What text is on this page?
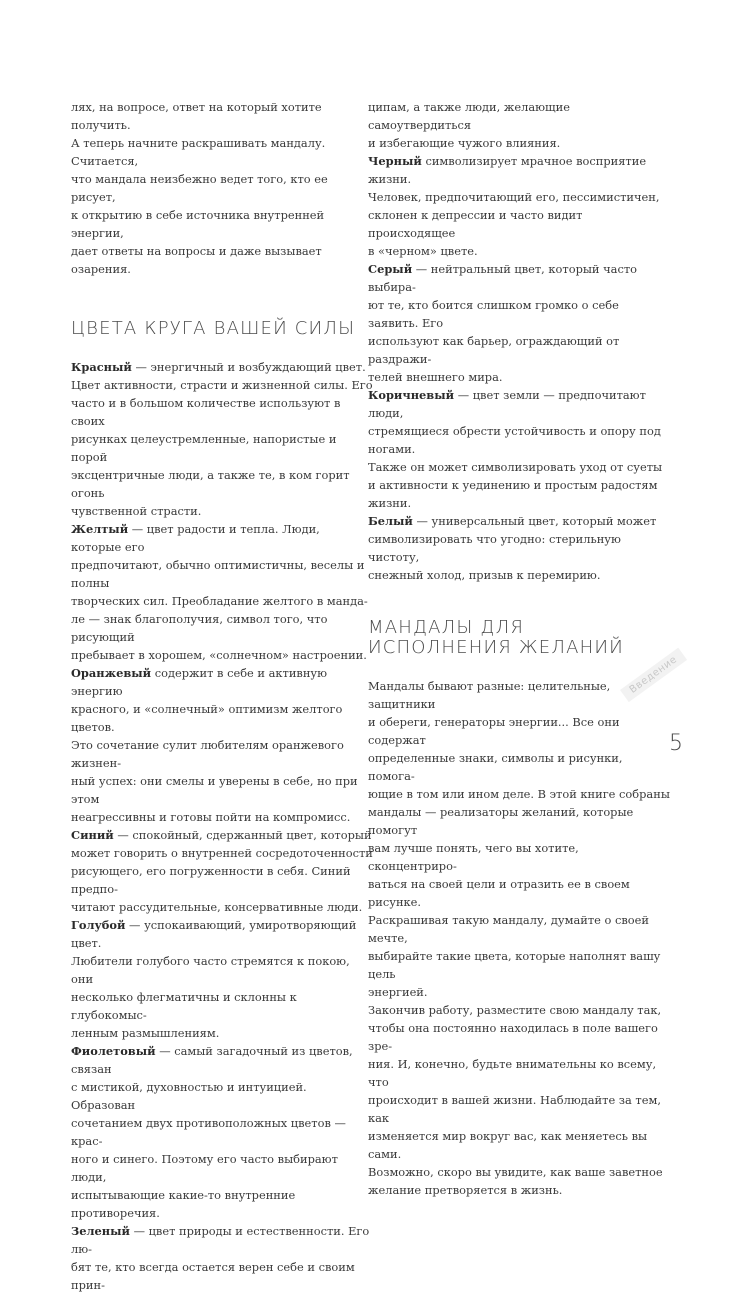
лях, на вопросе, ответ на который хотите получить.
А теперь начните раскрашивать мандалу. Считается,
что мандала неизбежно ведет того, кто ее рисует,
к открытию в себе источника внутренней энергии,
дает ответы на вопросы и даже вызывает озарения.

ЦВЕТА КРУГА ВАШЕЙ СИЛЫ

Красный — энергичный и возбуждающий цвет.
Цвет активности, страсти и жизненной силы. Его
часто и в большом количестве используют в своих
рисунках целеустремленные, напористые и порой
эксцентричные люди, а также те, в ком горит огонь
чувственной страсти.

Желтый — цвет радости и тепла. Люди, которые его
предпочитают, обычно оптимистичны, веселы и полны
творческих сил. Преобладание желтого в манда-
ле — знак благополучия, символ того, что рисующий
пребывает в хорошем, «солнечном» настроении.

Оранжевый содержит в себе и активную энергию
красного, и «солнечный» оптимизм желтого цветов.
Это сочетание сулит любителям оранжевого жизнен-
ный успех: они смелы и уверены в себе, но при этом
неагрессивны и готовы пойти на компромисс.

Синий — спокойный, сдержанный цвет, который
может говорить о внутренней сосредоточенности
рисующего, его погруженности в себя. Синий предпо-
читают рассудительные, консервативные люди.

Голубой — успокаивающий, умиротворяющий цвет.
Любители голубого часто стремятся к покою, они
несколько флегматичны и склонны к глубокомыс-
ленным размышлениям.

Фиолетовый — самый загадочный из цветов, связан
с мистикой, духовностью и интуицией. Образован
сочетанием двух противоположных цветов — крас-
ного и синего. Поэтому его часто выбирают люди,
испытывающие какие-то внутренние противоречия.

Зеленый — цвет природы и естественности. Его лю-
бят те, кто всегда остается верен себе и своим прин-

ципам, а также люди, желающие самоутвердиться
и избегающие чужого влияния.

Черный символизирует мрачное восприятие жизни.
Человек, предпочитающий его, пессимистичен,
склонен к депрессии и часто видит происходящее
в «черном» цвете.

Серый — нейтральный цвет, который часто выбира-
ют те, кто боится слишком громко о себе заявить. Его
используют как барьер, ограждающий от раздражи-
телей внешнего мира.

Коричневый — цвет земли — предпочитают люди,
стремящиеся обрести устойчивость и опору под ногами.
Также он может символизировать уход от суеты
и активности к уединению и простым радостям
жизни.

Белый — универсальный цвет, который может
символизировать что угодно: стерильную чистоту,
снежный холод, призыв к перемирию.

МАНДАЛЫ ДЛЯ
ИСПОЛНЕНИЯ ЖЕЛАНИЙ

Мандалы бывают разные: целительные, защитники
и обереги, генераторы энергии... Все они содержат
определенные знаки, символы и рисунки, помога-
ющие в том или ином деле. В этой книге собраны
мандалы — реализаторы желаний, которые помогут
вам лучше понять, чего вы хотите, сконцентриро-
ваться на своей цели и отразить ее в своем рисунке.
Раскрашивая такую мандалу, думайте о своей мечте,
выбирайте такие цвета, которые наполнят вашу цель
энергией.

Закончив работу, разместите свою мандалу так,
чтобы она постоянно находилась в поле вашего зре-
ния. И, конечно, будьте внимательны ко всему, что
происходит в вашей жизни. Наблюдайте за тем, как
изменяется мир вокруг вас, как меняетесь вы сами.
Возможно, скоро вы увидите, как ваше заветное
желание претворяется в жизнь.

Введение
5
